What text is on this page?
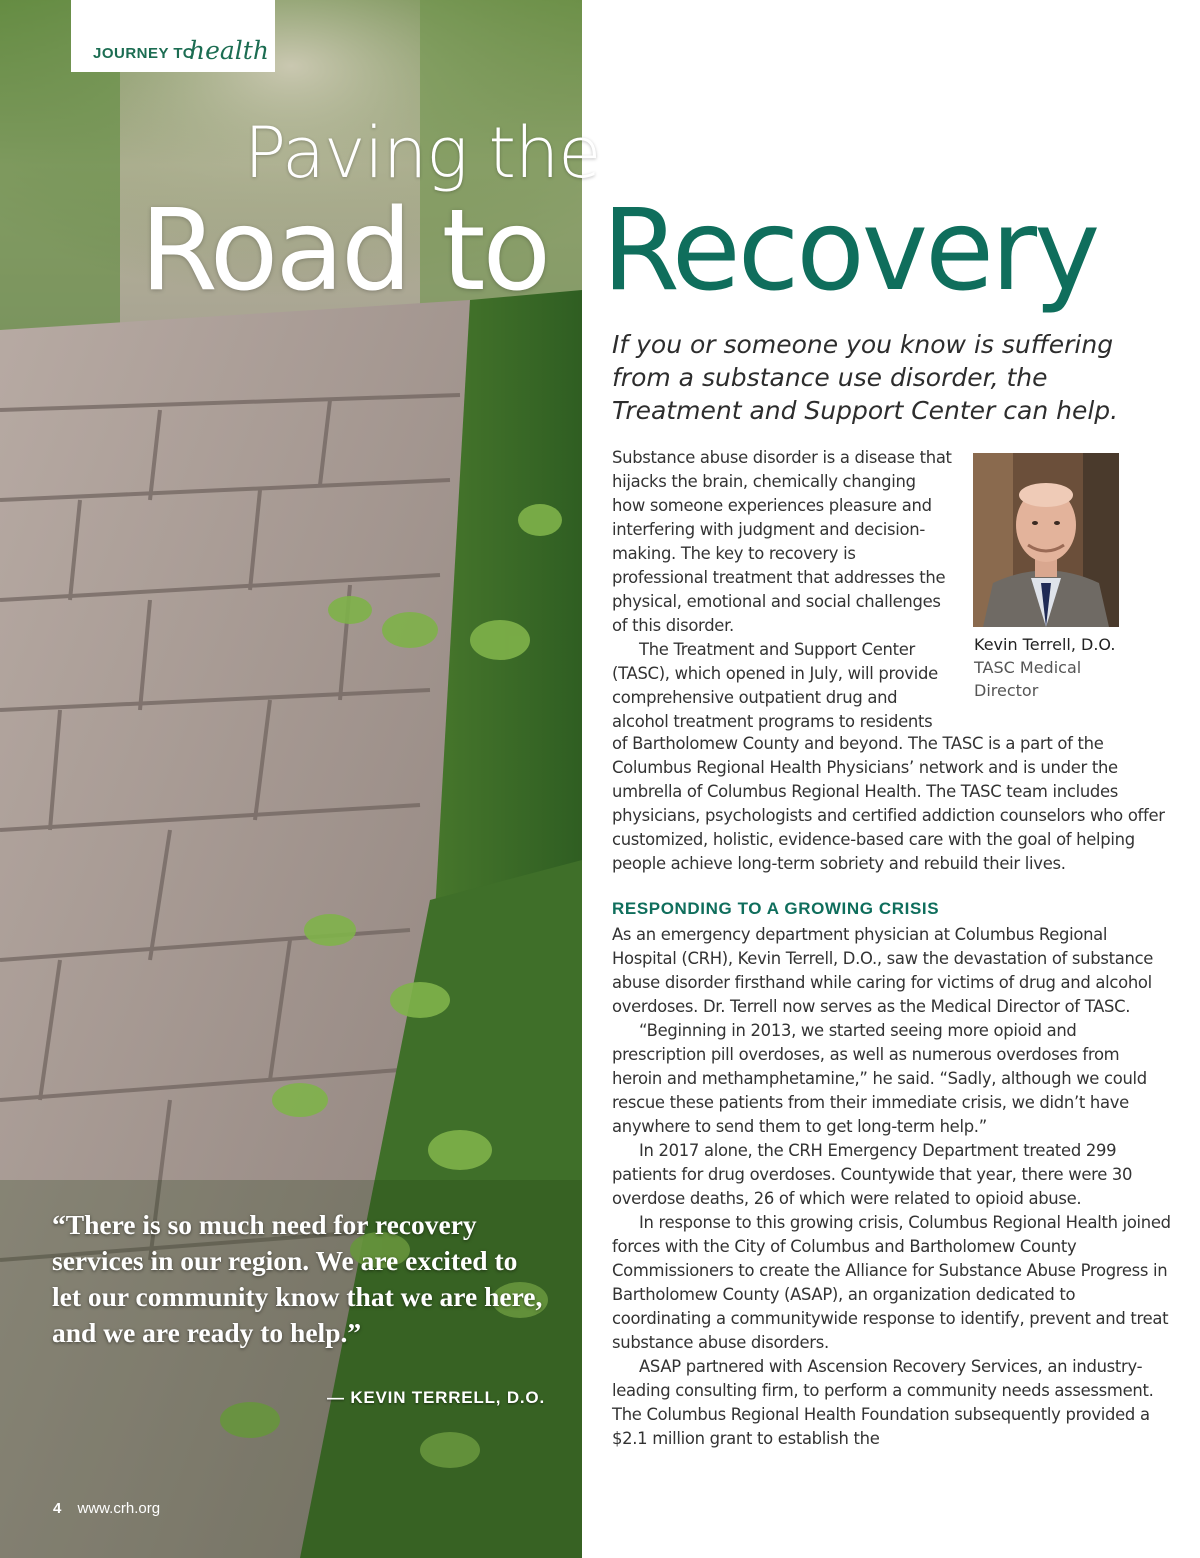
JOURNEY TO
health
Paving the
Road to Recovery
If you or someone you know is suffering from a substance use disorder, the Treatment and Support Center can help.

Substance abuse disorder is a disease that hijacks the brain, chemically changing how someone experiences pleasure and interfering with judgment and decision-making. The key to recovery is professional treatment that addresses the physical, emotional and social challenges of this disorder.

The Treatment and Support Center (TASC), which opened in July, will provide comprehensive outpatient drug and alcohol treatment programs to residents

Kevin Terrell, D.O.
TASC Medical
Director

of Bartholomew County and beyond. The TASC is a part of the Columbus Regional Health Physicians’ network and is under the umbrella of Columbus Regional Health. The TASC team includes physicians, psychologists and certified addiction counselors who offer customized, holistic, evidence-based care with the goal of helping people achieve long-term sobriety and rebuild their lives.

RESPONDING TO A GROWING CRISIS

As an emergency department physician at Columbus Regional Hospital (CRH), Kevin Terrell, D.O., saw the devastation of substance abuse disorder firsthand while caring for victims of drug and alcohol overdoses. Dr. Terrell now serves as the Medical Director of TASC.

“Beginning in 2013, we started seeing more opioid and prescription pill overdoses, as well as numerous overdoses from heroin and methamphetamine,” he said. “Sadly, although we could rescue these patients from their immediate crisis, we didn’t have anywhere to send them to get long-term help.”

In 2017 alone, the CRH Emergency Department treated 299 patients for drug overdoses. Countywide that year, there were 30 overdose deaths, 26 of which were related to opioid abuse.

In response to this growing crisis, Columbus Regional Health joined forces with the City of Columbus and Bartholomew County Commissioners to create the Alliance for Substance Abuse Progress in Bartholomew County (ASAP), an organization dedicated to coordinating a communitywide response to identify, prevent and treat substance abuse disorders.

ASAP partnered with Ascension Recovery Services, an industry-leading consulting firm, to perform a community needs assessment. The Columbus Regional Health Foundation subsequently provided a $2.1 million grant to establish the

“There is so much need for recovery services in our region. We are excited to let our community know that we are here, and we are ready to help.”
— KEVIN TERRELL, D.O.
4 www.crh.org
